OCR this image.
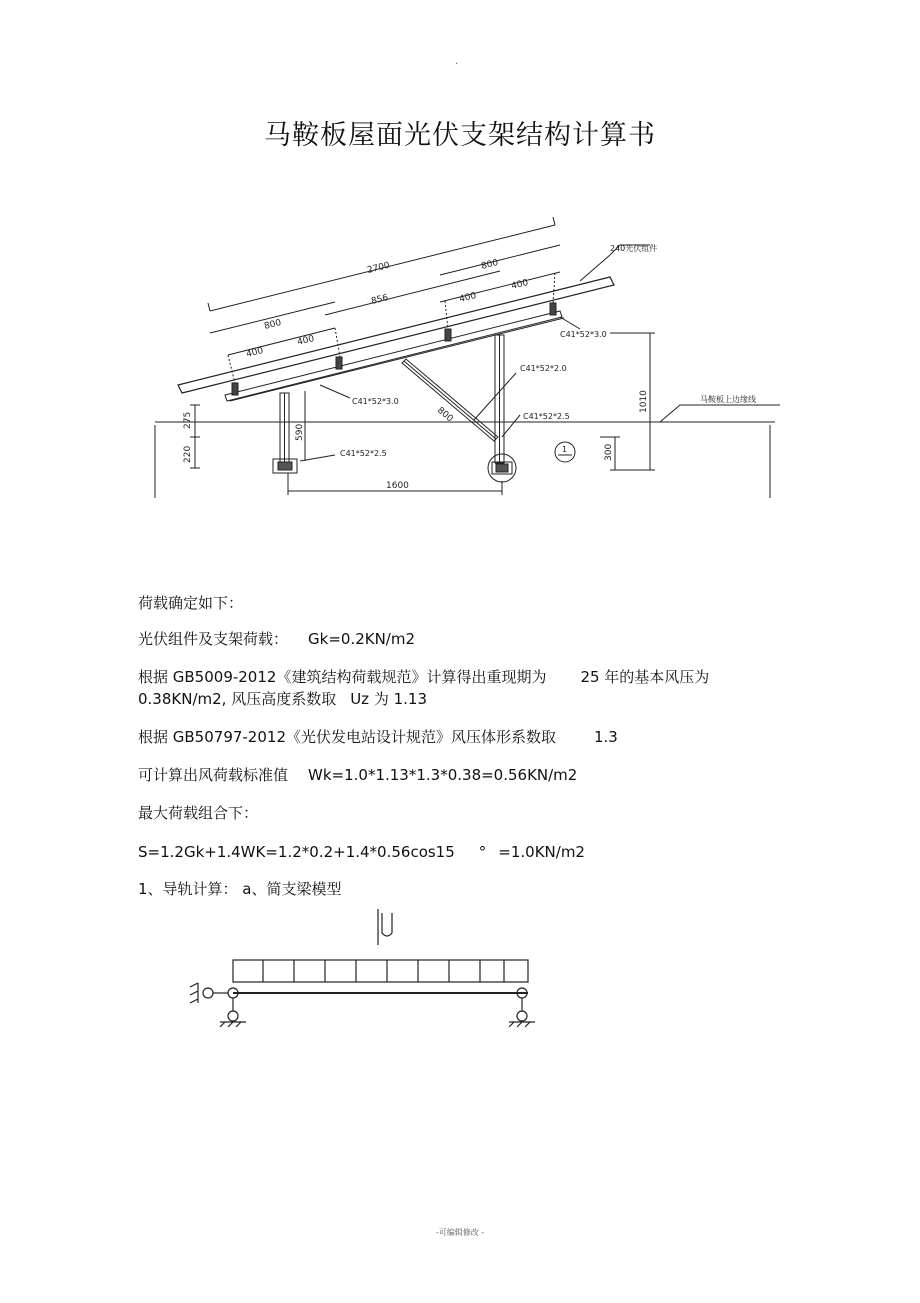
.
马鞍板屋面光伏支架结构计算书
2700
800
800
856
400
400
400
400
800
275
220
590
1010
300
1600
240光伏组件
C41*52*3.0
C41*52*3.0
C41*52*2.0
C41*52*2.5
C41*52*2.5
马鞍板上边缘线
1
荷载确定如下：
光伏组件及支架荷载： Gk=0.2KN/m2
根据 GB5009-2012《建筑结构荷载规范》计算得出重现期为 25 年的基本风压为
0.38KN/m2, 风压高度系数取 Uz 为 1.13
根据 GB50797-2012《光伏发电站设计规范》风压体形系数取	1.3
可计算出风荷载标准值 Wk=1.0*1.13*1.3*0.38=0.56KN/m2
最大荷载组合下：
S=1.2Gk+1.4WK=1.2*0.2+1.4*0.56cos15 ° =1.0KN/m2
1、导轨计算： a、简支梁模型
-可编辑修改 -
